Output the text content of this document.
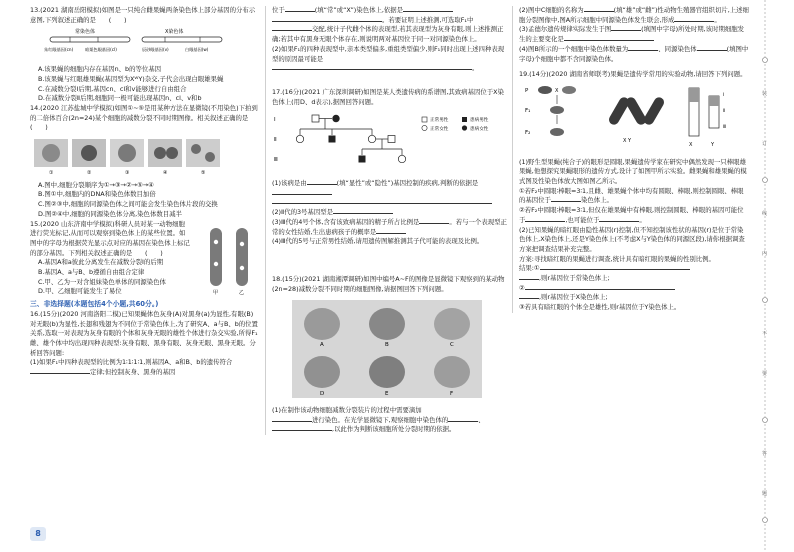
13.(2021 湖南岳阳模拟)如图是一只纯合雌果蝇两条染色体上部分基因的分布示意图,下列叙述正确的是　　(　　)

常染色体	X染色体
朱红眼基因(cn)	暗栗色眼基因(cl)	辰砂眼基因(v)	白眼基因(w)

A.该果蝇的细胞内存在基因n、b的等位基因

B.该果蝇与红眼雄果蝇(基因型为XᵂY)杂交,子代会出现白眼雄果蝇

C.在减数分裂Ⅰ后期,基因cn、cl和v能够进行自由组合

D.在减数分裂Ⅱ后期,细胞同一极可能出现基因n、cl、v和b

14.(2020 江苏盐城中学模拟)如图①~⑤是用某种方法在显微镜(不用染色)下拍到的二倍体百合(2n=24)某个细胞的减数分裂不同时期图像。相关叙述正确的是　　(　　)

①	②	③	④	⑤

A.图中,细胞分裂顺序为①→③→②→⑤→④

B.图①中,细胞内的DNA和染色体数目加倍

C.图②③中,细胞的同源染色体之间可能会发生染色体片段的交换

D.图②④中,细胞的同源染色体分离,染色体数目减半

15.(2020 山东济南中学模拟)科研人员对某一动物细胞进行荧光标记,从而可以观察到染色体上的某些位置。如图中的字母为根据荧光显示点对应的基因在染色体上标记的部分基因。下列相关叙述正确的是　　(　　)

甲	乙

A.基因A和a彼此分离发生在减数分裂Ⅰ的后期

B.基因A、a与B、b遵循自由组合定律

C.甲、乙为一对含姐妹染色单体的同源染色体

D.甲、乙细胞可能发生了易位

三、非选择题(本题包括4个小题,共60分。)

16.(15分)(2020 河南洛阳二模)已知果蝇体色灰身(A)对黑身(a)为显性,有眼(B)对无眼(b)为显性,长翅和残翅为不同位于常染色体上,为了研究A、a与B、b的位置关系,选取一对表现为灰身有眼的个体和灰身无眼的雄性个体进行杂交实验,所得F₁雌、雄个体中均出现四种表现型:灰身有眼、黑身有眼、灰身无眼、黑身无眼。分析回答问题:

(1)如果F₁中四种表现型的比例为1∶1∶1∶1,则基因A、a和B、b的遗传符合

定律;但控制灰身、黑身的基因

位于	(填“常”或“X”)染色体上,依据是

。若要证明上述推测,可选取F₁中

交配,统计子代雌个体的表现型,若其表现型为灰身有眼,则上述推测正确;若其中有黑身无眼个体存在,则说明两对基因位于同一对同源染色体上。

(2)如果F₁的四种表现型中,亲本类型偏多,重组类型偏少,则F₁同时出现上述四种表现型的原因最可能是

。

17.(16分)(2021 广东深圳调研)如图是某人类遗传病的系谱图,其致病基因位于X染色体上(用D、d表示),据图回答问题。

Ⅰ
Ⅱ
Ⅲ
正常男性
正常女性
患病男性
患病女性

(1)该病是由	(填“显性”或“隐性”)基因控制的疾病,判断的依据是

(2)Ⅱ代的3号基因型是

(3)Ⅲ代的4号个体,含有该致病基因的精子所占比例是	。若与一个表现型正常的女性结婚,生出患病孩子的概率是

(4)Ⅲ代的5号与正常男性结婚,请用遗传图解推测其子代可能的表现及比例。

18.(15分)(2021 湖南湘潭调研)如图中编号A~F的图像是显微镜下观察到的某动物(2n=28)减数分裂不同时期的细胞图像,请据图回答下列问题。

A	B	C
D	E	F

(1)在制作该动物细胞减数分裂装片的过程中需要滴加

进行染色。在光学显微镜下,观察细胞中染色体的	、

,以此作为判断该细胞所处分裂时期的依据。

(2)图中C细胞的名称为	(填“雄”或“雌”)性动物生殖器官组织切片,上述细胞分裂图像中,图A所示细胞中同源染色体发生联会,形成	。

(3)孟德尔遗传规律实际发生于图	(填图中字母)所处时期,该时期细胞发生的主要变化是

(4)图B所示的一个细胞中染色体数量为	、同源染色体	(填图中字母)个细胞中都不含同源染色体。

19.(14分)(2020 湖南省师联考)果蝇是遗传学常用的实验动物,请回答下列问题。

P	X
F₁
F₂
X Y
Ⅰ
Ⅱ
Ⅲ
X	Y

(1)野生型果蝇(纯合子)的眼形是圆眼,果蝇遗传学家在研究中偶然发现一只棒眼雄果蝇,他想探究果蝇眼形的遗传方式,设计了如图甲所示实验。雌果蝇和雄果蝇的模式图及性染色体放大图如图乙所示。

①若F₂中圆眼∶棒眼=3∶1,且雌、雄果蝇个体中均有圆眼、棒眼,则控制圆眼、棒眼的基因位于	染色体上。

②若F₂中圆眼∶棒眼=3∶1,但仅在雄果蝇中有棒眼,则控制圆眼、棒眼的基因可能位于	,也可能位于	。

(2)已知果蝇的暗红眼由隐性基因(r)控制,但不知控制该性状的基因(r)是位于常染色体上,X染色体上,还是Y染色体上(不考虑X与Y染色体的同源区段),请你根据调查方案把调查结果补充完整。

方案:寻找暗红眼的果蝇进行调查,统计具有暗红眼的果蝇的性别比例。

结果:①

,则r基因位于常染色体上;

②

,则r基因位于X染色体上;

③若具有暗红眼的个体全是雄性,则r基因位于Y染色体上。

8
装
订
线
内
不
要
答
题
